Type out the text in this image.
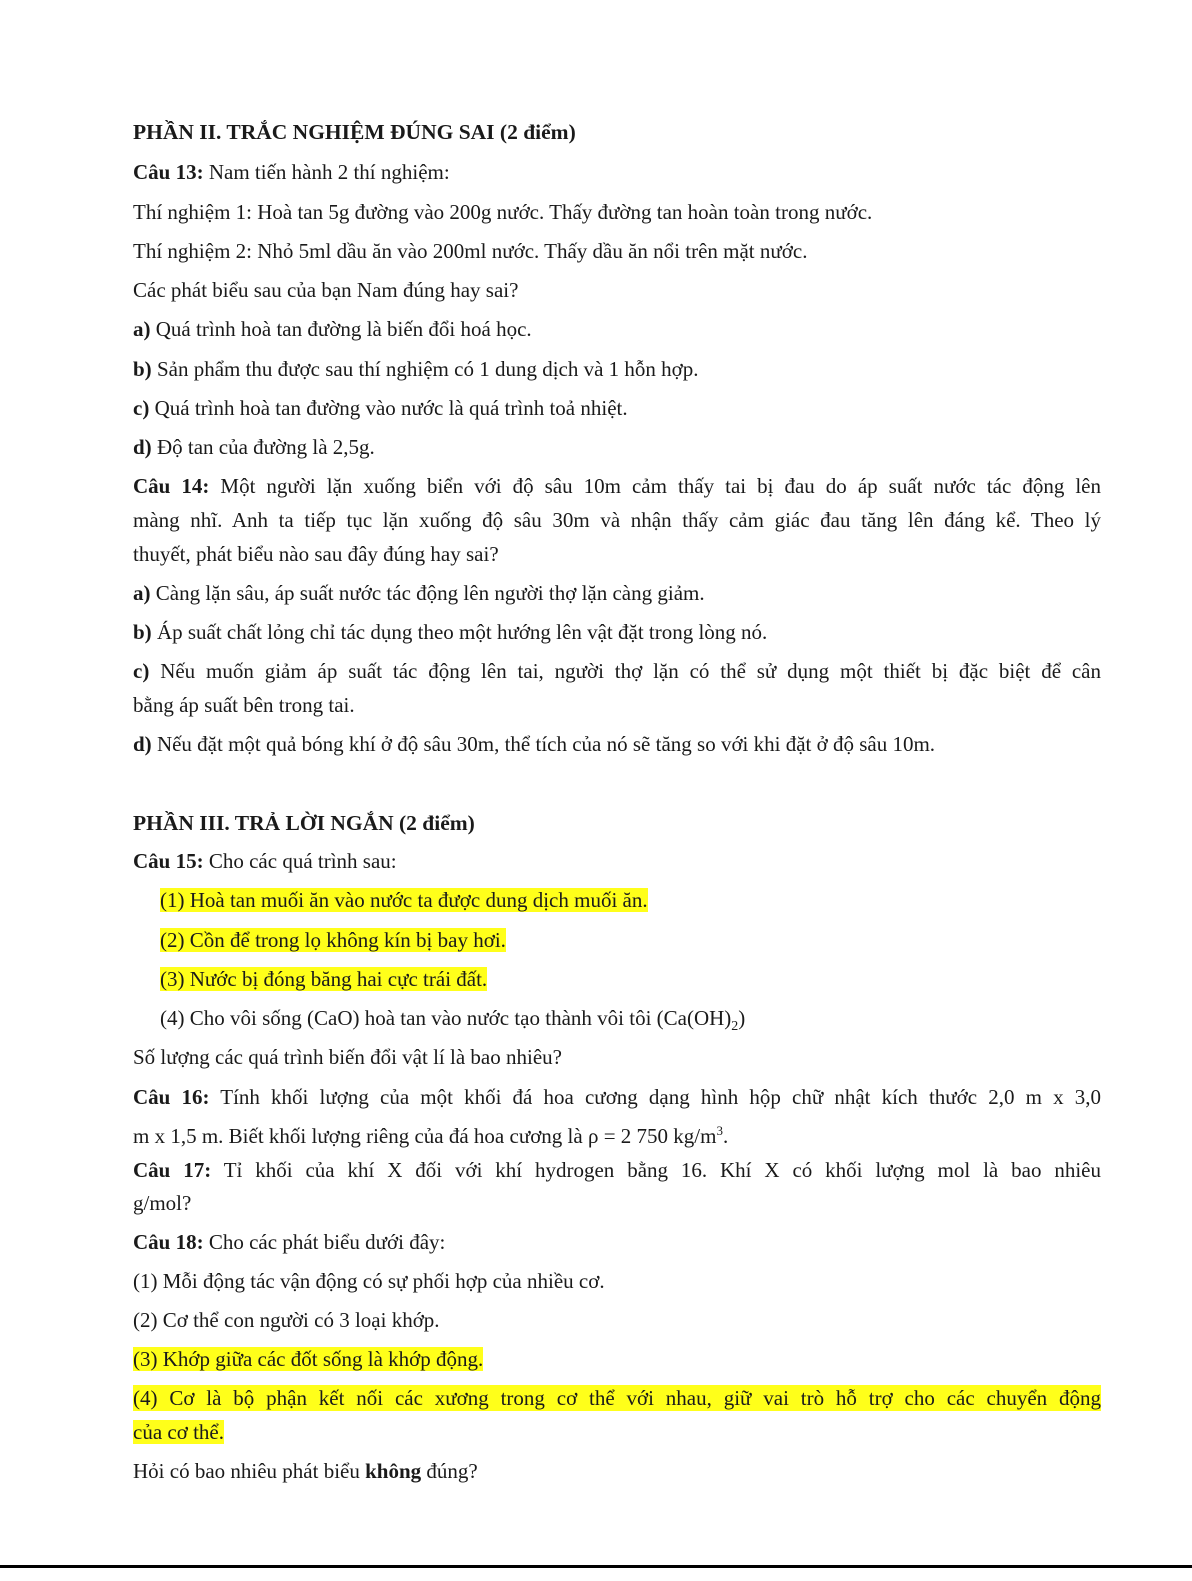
PHẦN II. TRẮC NGHIỆM ĐÚNG SAI (2 điểm)
Câu 13: Nam tiến hành 2 thí nghiệm:
Thí nghiệm 1: Hoà tan 5g đường vào 200g nước. Thấy đường tan hoàn toàn trong nước.
Thí nghiệm 2: Nhỏ 5ml dầu ăn vào 200ml nước. Thấy dầu ăn nổi trên mặt nước.
Các phát biểu sau của bạn Nam đúng hay sai?
a) Quá trình hoà tan đường là biến đổi hoá học.
b) Sản phẩm thu được sau thí nghiệm có 1 dung dịch và 1 hỗn hợp.
c) Quá trình hoà tan đường vào nước là quá trình toả nhiệt.
d) Độ tan của đường là 2,5g.
Câu 14: Một người lặn xuống biển với độ sâu 10m cảm thấy tai bị đau do áp suất nước tác động lên
màng nhĩ. Anh ta tiếp tục lặn xuống độ sâu 30m và nhận thấy cảm giác đau tăng lên đáng kể. Theo lý
thuyết, phát biểu nào sau đây đúng hay sai?
a) Càng lặn sâu, áp suất nước tác động lên người thợ lặn càng giảm.
b) Áp suất chất lỏng chỉ tác dụng theo một hướng lên vật đặt trong lòng nó.
c) Nếu muốn giảm áp suất tác động lên tai, người thợ lặn có thể sử dụng một thiết bị đặc biệt để cân
bằng áp suất bên trong tai.
d) Nếu đặt một quả bóng khí ở độ sâu 30m, thể tích của nó sẽ tăng so với khi đặt ở độ sâu 10m.
PHẦN III. TRẢ LỜI NGẮN (2 điểm)
Câu 15: Cho các quá trình sau:
(1) Hoà tan muối ăn vào nước ta được dung dịch muối ăn.
(2) Cồn để trong lọ không kín bị bay hơi.
(3) Nước bị đóng băng hai cực trái đất.
(4) Cho vôi sống (CaO) hoà tan vào nước tạo thành vôi tôi $(Ca(OH)_2)$
Số lượng các quá trình biến đổi vật lí là bao nhiêu?
Câu 16: Tính khối lượng của một khối đá hoa cương dạng hình hộp chữ nhật kích thước 2,0 m x 3,0
m x 1,5 m. Biết khối lượng riêng của đá hoa cương là ρ = 2 750 $kg/m^3$.
Câu 17: Tỉ khối của khí X đối với khí hydrogen bằng 16. Khí X có khối lượng mol là bao nhiêu
g/mol?
Câu 18: Cho các phát biểu dưới đây:
(1) Mỗi động tác vận động có sự phối hợp của nhiều cơ.
(2) Cơ thể con người có 3 loại khớp.
(3) Khớp giữa các đốt sống là khớp động.
(4) Cơ là bộ phận kết nối các xương trong cơ thể với nhau, giữ vai trò hỗ trợ cho các chuyển động
của cơ thể.
Hỏi có bao nhiêu phát biểu không đúng?
